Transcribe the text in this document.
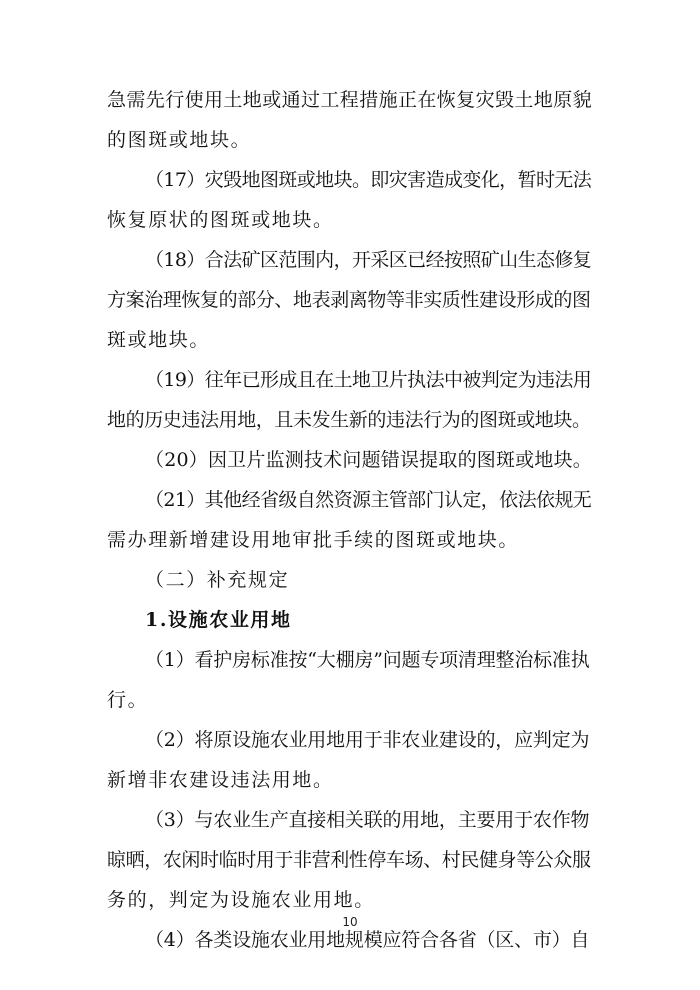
急需先行使用土地或通过工程措施正在恢复灾毁土地原貌

的图斑或地块。

（17）灾毁地图斑或地块。即灾害造成变化，暂时无法

恢复原状的图斑或地块。

（18）合法矿区范围内，开采区已经按照矿山生态修复

方案治理恢复的部分、地表剥离物等非实质性建设形成的图

斑或地块。

（19）往年已形成且在土地卫片执法中被判定为违法用

地的历史违法用地，且未发生新的违法行为的图斑或地块。

（20）因卫片监测技术问题错误提取的图斑或地块。

（21）其他经省级自然资源主管部门认定，依法依规无

需办理新增建设用地审批手续的图斑或地块。

（二）补充规定

1.设施农业用地

（1）看护房标准按“大棚房”问题专项清理整治标准执

行。

（2）将原设施农业用地用于非农业建设的，应判定为

新增非农建设违法用地。

（3）与农业生产直接相关联的用地，主要用于农作物

晾晒，农闲时临时用于非营利性停车场、村民健身等公众服

务的，判定为设施农业用地。

（4）各类设施农业用地规模应符合各省（区、市）自

10
